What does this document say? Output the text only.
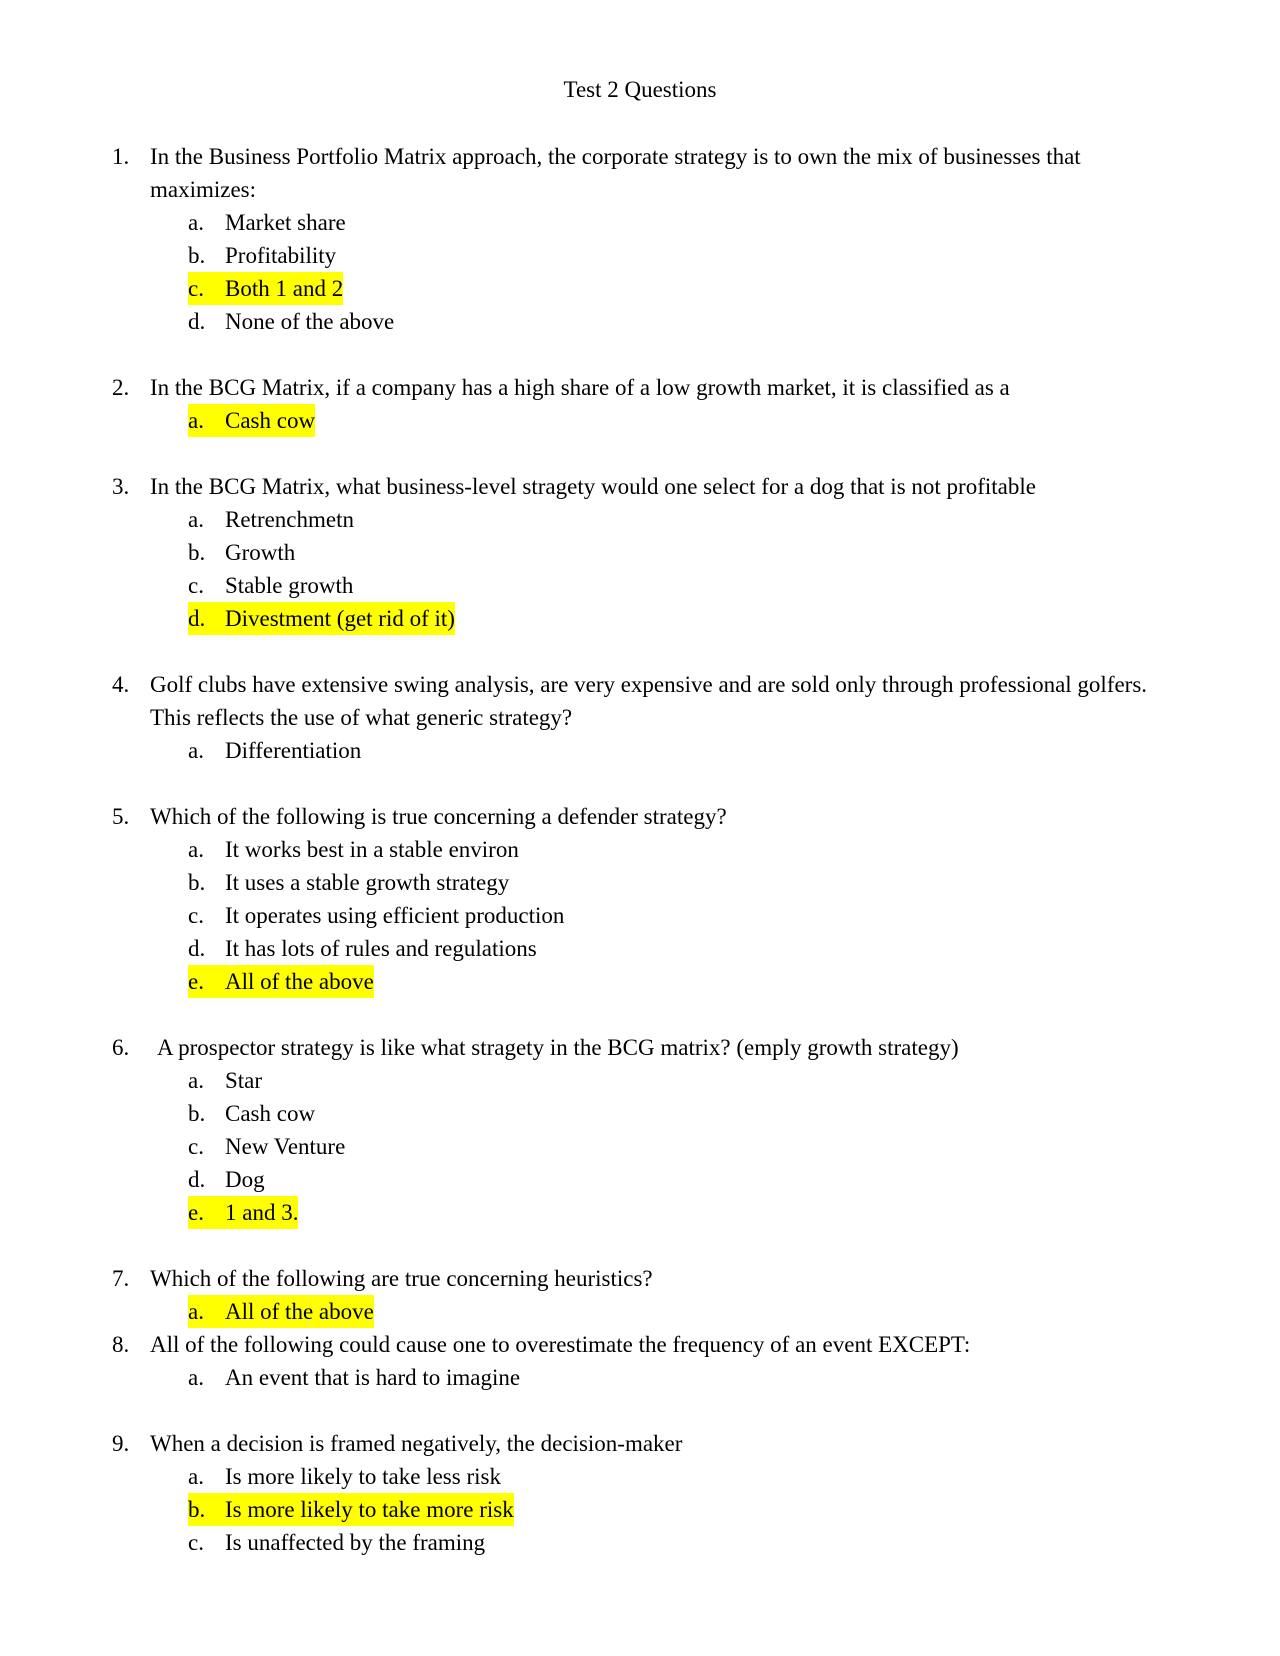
Test 2 Questions
1. In the Business Portfolio Matrix approach, the corporate strategy is to own the mix of businesses that maximizes:
a. Market share
b. Profitability
c. Both 1 and 2
d. None of the above
2. In the BCG Matrix, if a company has a high share of a low growth market, it is classified as a
a. Cash cow
3. In the BCG Matrix, what business-level stragety would one select for a dog that is not profitable
a. Retrenchmetn
b. Growth
c. Stable growth
d. Divestment (get rid of it)
4. Golf clubs have extensive swing analysis, are very expensive and are sold only through professional golfers. This reflects the use of what generic strategy?
a. Differentiation
5. Which of the following is true concerning a defender strategy?
a. It works best in a stable environ
b. It uses a stable growth strategy
c. It operates using efficient production
d. It has lots of rules and regulations
e. All of the above
6. A prospector strategy is like what stragety in the BCG matrix? (emply growth strategy)
a. Star
b. Cash cow
c. New Venture
d. Dog
e. 1 and 3.
7. Which of the following are true concerning heuristics?
a. All of the above
8. All of the following could cause one to overestimate the frequency of an event EXCEPT:
a. An event that is hard to imagine
9. When a decision is framed negatively, the decision-maker
a. Is more likely to take less risk
b. Is more likely to take more risk
c. Is unaffected by the framing
